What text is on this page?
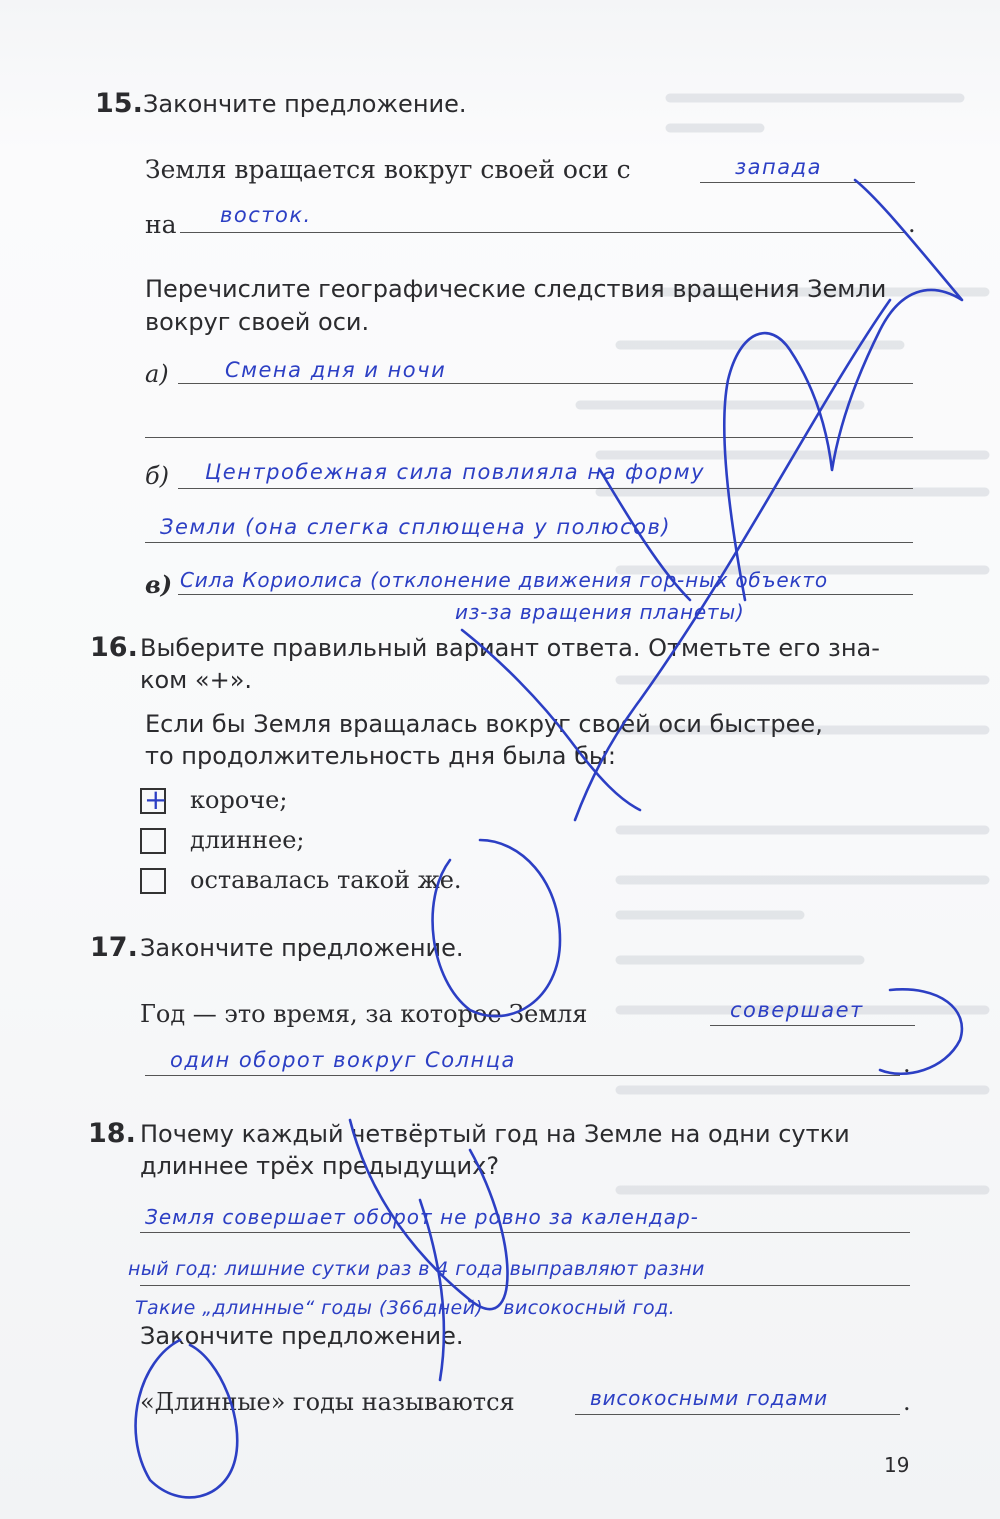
15. Закончите предложение.
Земля вращается вокруг своей оси с	запада
на восток.	.
Перечислите географические следствия вращения Земли
вокруг своей оси.
а)	Смена дня и ночи
б) Центробежная сила повлияла на форму
Земли (она слегка сплющена у полюсов)
в) Сила Кориолиса (отклонение движения гор-ных объекто
из-за вращения планеты)
16. Выберите правильный вариант ответа. Отметьте его зна-
ком «+».
Если бы Земля вращалась вокруг своей оси быстрее,
то продолжительность дня была бы:
+ короче;
длиннее;
оставалась такой же.
17. Закончите предложение.
Год — это время, за которое Земля	совершает
один оборот вокруг Солнца	.
18. Почему каждый четвёртый год на Земле на одни сутки
длиннее трёх предыдущих?
Земля совершает оборот не ровно за календар-
ный год: лишние сутки раз в 4 года выправляют разни
Такие „длинные“ годы (366дней) - високосный год.
Закончите предложение.
«Длинные» годы называются	високосными годами	.
19
